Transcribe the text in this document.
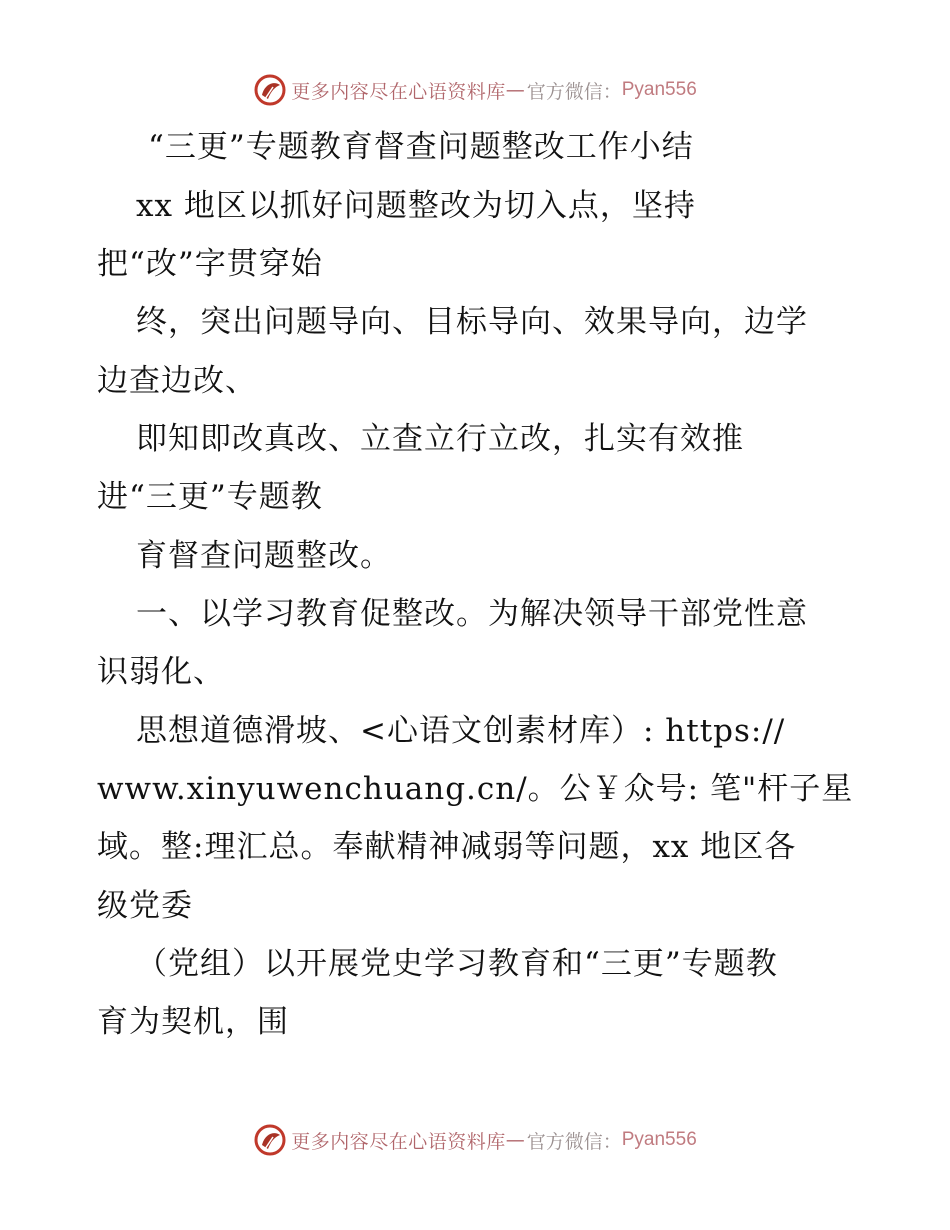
更多内容尽在心语资料库 — 官方微信： Pyan556
“三更”专题教育督查问题整改工作小结
xx 地区以抓好问题整改为切入点，坚持
把“改”字贯穿始
终，突出问题导向、目标导向、效果导向，边学
边查边改、
即知即改真改、立查立行立改，扎实有效推
进“三更”专题教
育督查问题整改。
一、以学习教育促整改。为解决领导干部党性意
识弱化、
思想道德滑坡、<心语文创素材库）: https://
www.xinyuwenchuang.cn/。公￥众号: 笔"杆子星
域。整:理汇总。奉献精神减弱等问题，xx 地区各
级党委
（党组）以开展党史学习教育和“三更”专题教
育为契机，围
更多内容尽在心语资料库 — 官方微信： Pyan556
